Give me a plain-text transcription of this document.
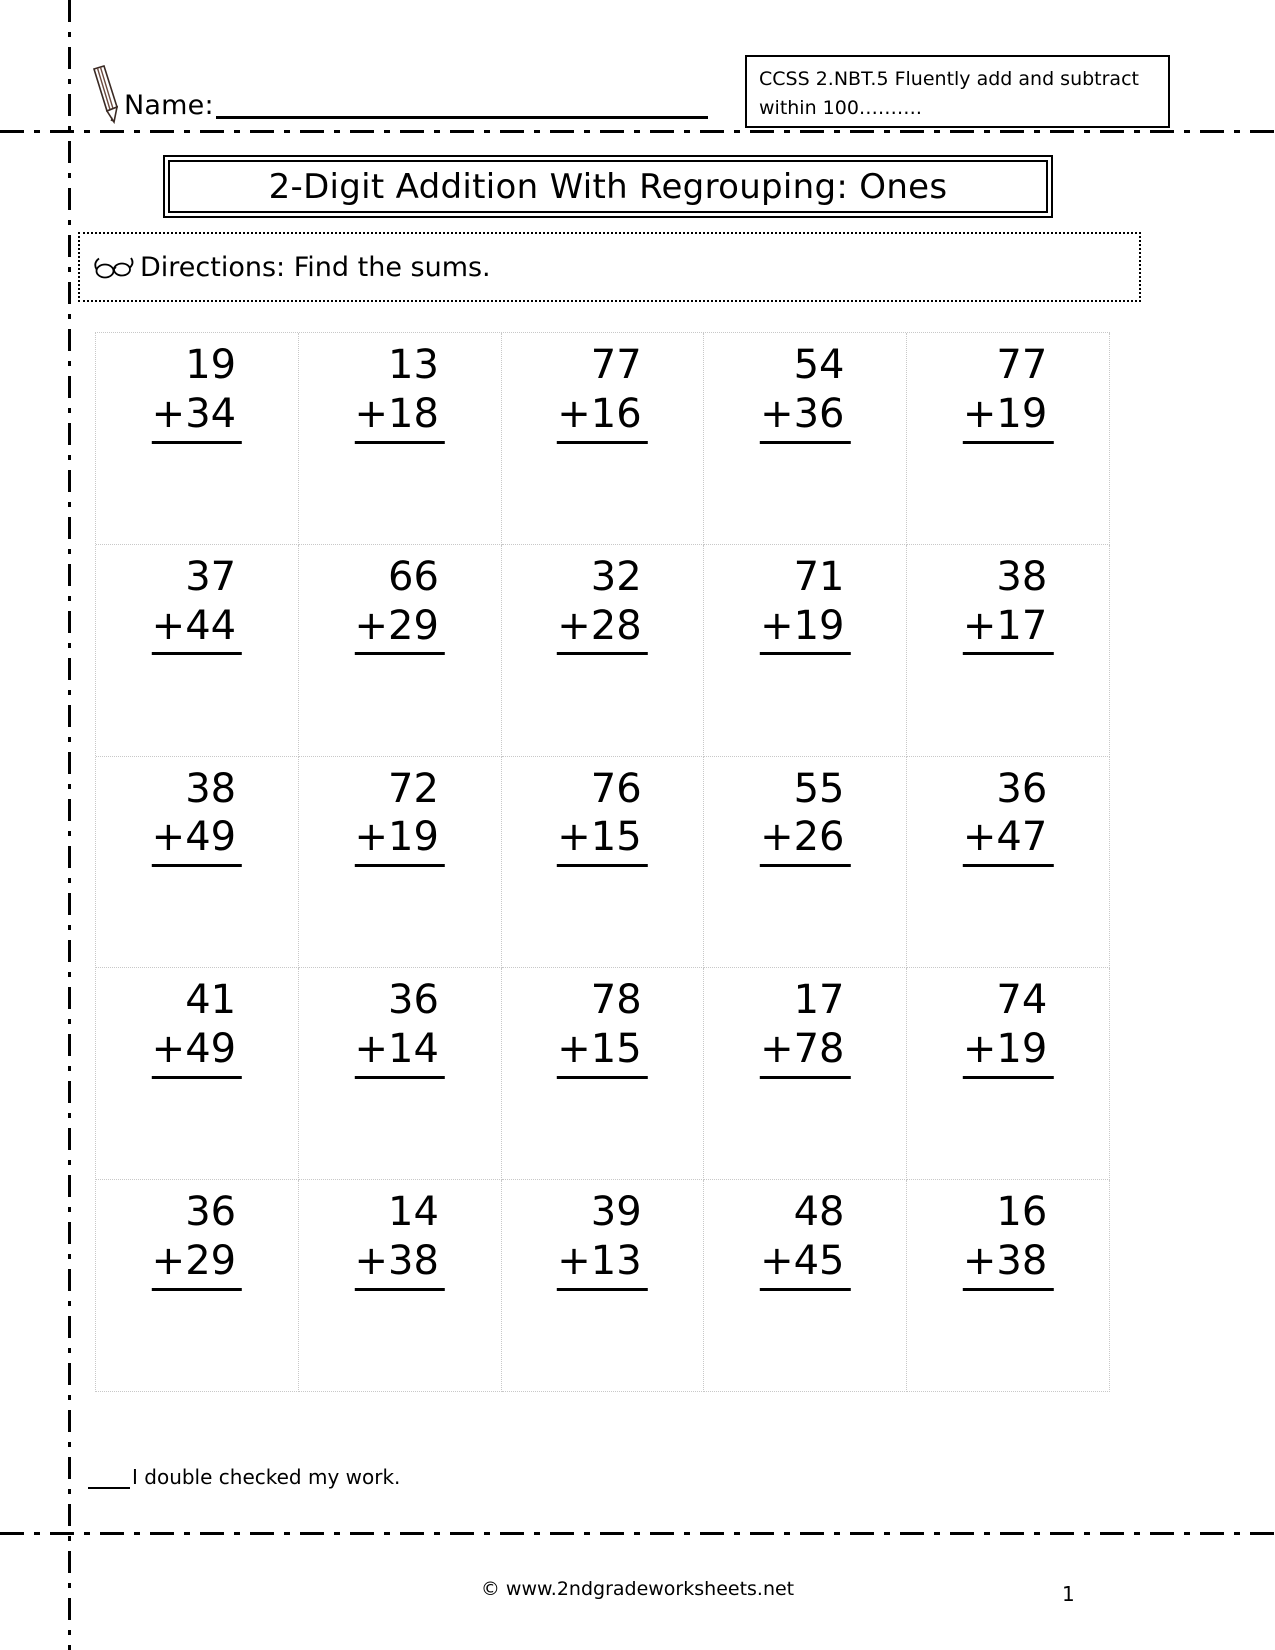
Name:
CCSS 2.NBT.5 Fluently add and subtract
within 100……….
2-Digit Addition With Regrouping: Ones
Directions: Find the sums.
19
+34
13
+18
77
+16
54
+36
77
+19
37
+44
66
+29
32
+28
71
+19
38
+17
38
+49
72
+19
76
+15
55
+26
36
+47
41
+49
36
+14
78
+15
17
+78
74
+19
36
+29
14
+38
39
+13
48
+45
16
+38
I double checked my work.
© www.2ndgradeworksheets.net	1
